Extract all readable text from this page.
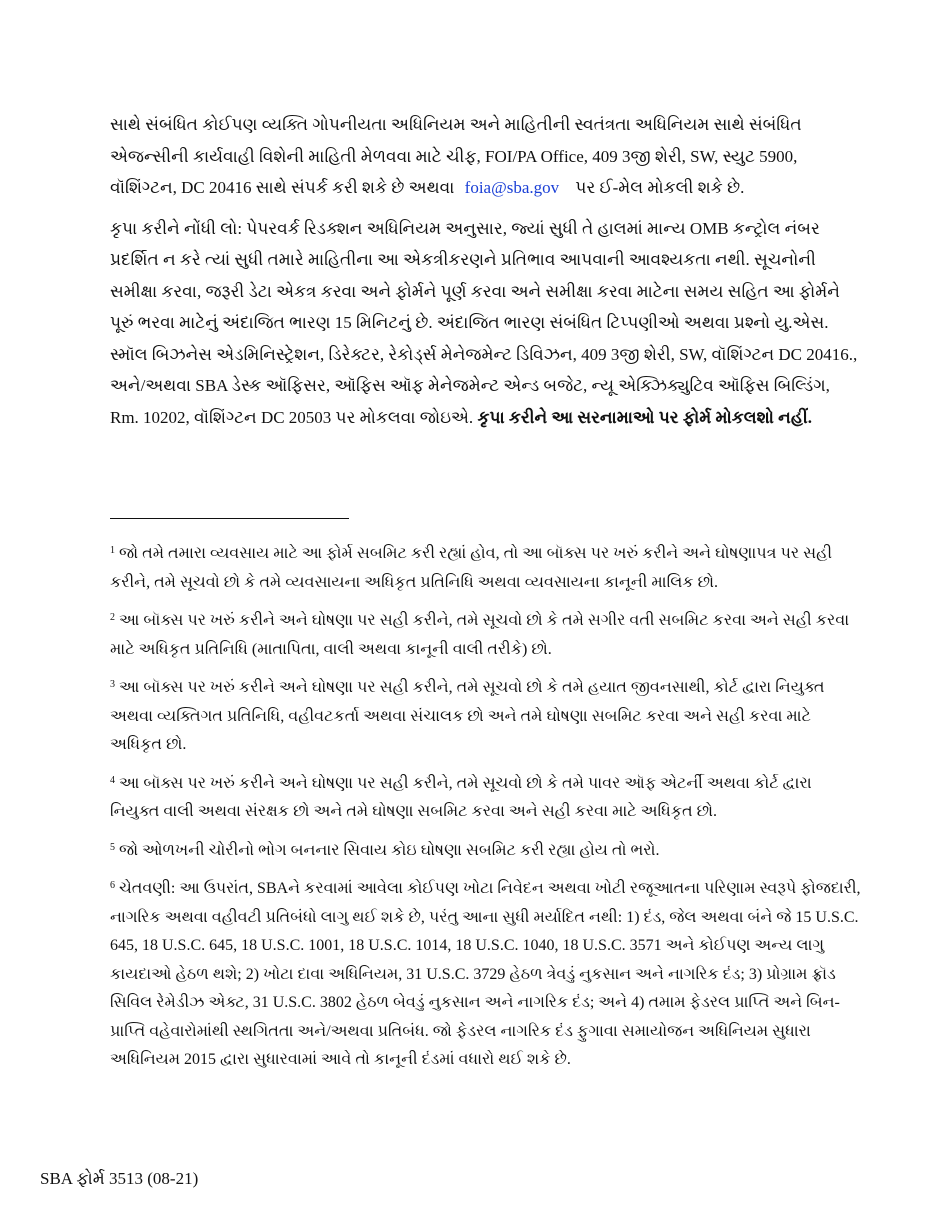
સાથે સંબંધિત કોઈપણ વ્યક્તિ ગોપનીયતા અધિનિયમ અને માહિતીની સ્વતંત્રતા અધિનિયમ સાથે સંબંધિત એજન્સીની કાર્યવાહી વિશેની માહિતી મેળવવા માટે ચીફ, FOI/PA Office, 409 3જી શેરી, SW, સ્યુટ 5900, વૉશિંગ્ટન, DC 20416 સાથે સંપર્ક કરી શકે છે અથવા foia@sba.gov પર ઈ-મેલ મોકલી શકે છે.

કૃપા કરીને નોંધી લો: પેપરવર્ક રિડક્શન અધિનિયમ અનુસાર, જ્યાં સુધી તે હાલમાં માન્ય OMB કન્ટ્રોલ નંબર પ્રદર્શિત ન કરે ત્યાં સુધી તમારે માહિતીના આ એકત્રીકરણને પ્રતિભાવ આપવાની આવશ્યકતા નથી. સૂચનોની સમીક્ષા કરવા, જરૂરી ડેટા એકત્ર કરવા અને ફોર્મને પૂર્ણ કરવા અને સમીક્ષા કરવા માટેના સમય સહિત આ ફોર્મને પૂરું ભરવા માટેનું અંદાજિત ભારણ 15 મિનિટનું છે. અંદાજિત ભારણ સંબંધિત ટિપ્પણીઓ અથવા પ્રશ્નો યુ.એસ. સ્મૉલ બિઝનેસ એડમિનિસ્ટ્રેશન, ડિરેક્ટર, રેકોર્ડ્સ મેનેજમેન્ટ ડિવિઝન, 409 3જી શેરી, SW, વૉશિંગ્ટન DC 20416., અને/અથવા SBA ડેસ્ક ઑફિસર, ઑફિસ ઑફ મેનેજમેન્ટ એન્ડ બજેટ, ન્યૂ એક્ઝિક્યુટિવ ઑફિસ બિલ્ડિંગ, Rm. 10202, વૉશિંગ્ટન DC 20503 પર મોકલવા જોઇએ. કૃપા કરીને આ સરનામાઓ પર ફોર્મ મોકલશો નહીં.

$^1$ જો તમે તમારા વ્યવસાય માટે આ ફોર્મ સબમિટ કરી રહ્યાં હોવ, તો આ બૉક્સ પર ખરું કરીને અને ઘોષણાપત્ર પર સહી કરીને, તમે સૂચવો છો કે તમે વ્યવસાયના અધિકૃત પ્રતિનિધિ અથવા વ્યવસાયના કાનૂની માલિક છો.

$^2$ આ બૉક્સ પર ખરું કરીને અને ઘોષણા પર સહી કરીને, તમે સૂચવો છો કે તમે સગીર વતી સબમિટ કરવા અને સહી કરવા માટે અધિકૃત પ્રતિનિધિ (માતાપિતા, વાલી અથવા કાનૂની વાલી તરીકે) છો.

$^3$ આ બૉક્સ પર ખરું કરીને અને ઘોષણા પર સહી કરીને, તમે સૂચવો છો કે તમે હયાત જીવનસાથી, કોર્ટ દ્વારા નિયુક્ત અથવા વ્યક્તિગત પ્રતિનિધિ, વહીવટકર્તા અથવા સંચાલક છો અને તમે ઘોષણા સબમિટ કરવા અને સહી કરવા માટે અધિકૃત છો.

$^4$ આ બૉક્સ પર ખરું કરીને અને ઘોષણા પર સહી કરીને, તમે સૂચવો છો કે તમે પાવર ઑફ એટર્ની અથવા કોર્ટ દ્વારા નિયુક્ત વાલી અથવા સંરક્ષક છો અને તમે ઘોષણા સબમિટ કરવા અને સહી કરવા માટે અધિકૃત છો.

$^5$ જો ઓળખની ચોરીનો ભોગ બનનાર સિવાય કોઇ ઘોષણા સબમિટ કરી રહ્યા હોય તો ભરો.

$^6$ ચેતવણી: આ ઉપરાંત, SBAને કરવામાં આવેલા કોઈપણ ખોટા નિવેદન અથવા ખોટી રજૂઆતના પરિણામ સ્વરૂપે ફોજદારી, નાગરિક અથવા વહીવટી પ્રતિબંધો લાગુ થઈ શકે છે, પરંતુ આના સુધી મર્યાદિત નથી: 1) દંડ, જેલ અથવા બંને જે 15 U.S.C. 645, 18 U.S.C. 645, 18 U.S.C. 1001, 18 U.S.C. 1014, 18 U.S.C. 1040, 18 U.S.C. 3571 અને કોઈપણ અન્ય લાગુ કાયદાઓ હેઠળ થશે; 2) ખોટા દાવા અધિનિયમ, 31 U.S.C. 3729 હેઠળ ત્રેવડું નુકસાન અને નાગરિક દંડ; 3) પ્રોગ્રામ ફ્રૉડ સિવિલ રેમેડીઝ એક્ટ, 31 U.S.C. 3802 હેઠળ બેવડું નુકસાન અને નાગરિક દંડ; અને 4) તમામ ફેડરલ પ્રાપ્તિ અને બિન-પ્રાપ્તિ વહેવારોમાંથી સ્થગિતતા અને/અથવા પ્રતિબંધ. જો ફેડરલ નાગરિક દંડ ફુગાવા સમાયોજન અધિનિયમ સુધારા અધિનિયમ 2015 દ્વારા સુધારવામાં આવે તો કાનૂની દંડમાં વધારો થઈ શકે છે.

SBA ફોર્મ 3513 (08-21)
